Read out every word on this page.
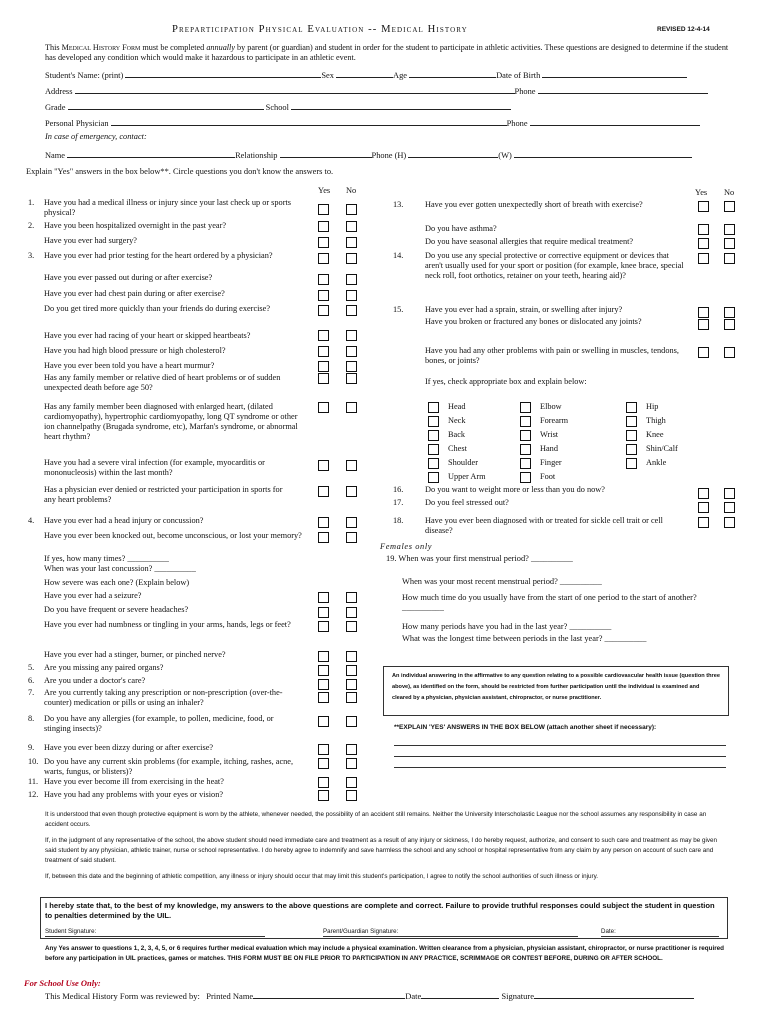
Preparticipation Physical Evaluation -- Medical History	REVISED 12-4-14
This Medical History Form must be completed annually by parent (or guardian) and student in order for the student to participate in athletic activities. These questions are designed to determine if the student has developed any condition which would make it hazardous to participate in an athletic event.
Student's Name: (print)	Sex	Age	Date of Birth
Address	Phone
Grade	School
Personal Physician	Phone
In case of emergency, contact:
Name	Relationship	Phone (H)	(W)
Explain "Yes" answers in the box below**. Circle questions you don't know the answers to.
Yes No	Yes No
1. Have you had a medical illness or injury since your last check up or sports physical?
2. Have you been hospitalized overnight in the past year?
Have you ever had surgery?
3. Have you ever had prior testing for the heart ordered by a physician?
Have you ever passed out during or after exercise?
Have you ever had chest pain during or after exercise?
Do you get tired more quickly than your friends do during exercise?
Have you ever had racing of your heart or skipped heartbeats?
Have you had high blood pressure or high cholesterol?
Have you ever been told you have a heart murmur?
Has any family member or relative died of heart problems or of sudden unexpected death before age 50?
Has any family member been diagnosed with enlarged heart, (dilated cardiomyopathy), hypertrophic cardiomyopathy, long QT syndrome or other ion channelpathy (Brugada syndrome, etc), Marfan's syndrome, or abnormal heart rhythm?
Have you had a severe viral infection (for example, myocarditis or mononucleosis) within the last month?
Has a physician ever denied or restricted your participation in sports for any heart problems?
4. Have you ever had a head injury or concussion?
Have you ever been knocked out, become unconscious, or lost your memory?
If yes, how many times? __________
When was your last concussion? __________
How severe was each one? (Explain below)
Have you ever had a seizure?
Do you have frequent or severe headaches?
Have you ever had numbness or tingling in your arms, hands, legs or feet?
Have you ever had a stinger, burner, or pinched nerve?
5. Are you missing any paired organs?
6. Are you under a doctor's care?
7. Are you currently taking any prescription or non-prescription (over-the-counter) medication or pills or using an inhaler?
8. Do you have any allergies (for example, to pollen, medicine, food, or stinging insects)?
9. Have you ever been dizzy during or after exercise?
10. Do you have any current skin problems (for example, itching, rashes, acne, warts, fungus, or blisters)?
11. Have you ever become ill from exercising in the heat?
12. Have you had any problems with your eyes or vision?
13.	Have you ever gotten unexpectedly short of breath with exercise?
Do you have asthma?
Do you have seasonal allergies that require medical treatment?
14.	Do you use any special protective or corrective equipment or devices that aren't usually used for your sport or position (for example, knee brace, special neck roll, foot orthotics, retainer on your teeth, hearing aid)?
15.	Have you ever had a sprain, strain, or swelling after injury?
Have you broken or fractured any bones or dislocated any joints?
Have you had any other problems with pain or swelling in muscles, tendons, bones, or joints?
If yes, check appropriate box and explain below:
16.	Do you want to weight more or less than you do now?
17.	Do you feel stressed out?
18.	Have you ever been diagnosed with or treated for sickle cell trait or cell disease?
Head	Elbow	Hip
Neck	Forearm	Thigh
Back	Wrist	Knee
Chest	Hand	Shin/Calf
Shoulder	Finger	Ankle
Upper Arm	Foot
Females only
19. When was your first menstrual period? __________
When was your most recent menstrual period? __________
How much time do you usually have from the start of one period to the start of another? __________
How many periods have you had in the last year? __________
What was the longest time between periods in the last year? __________
An individual answering in the affirmative to any question relating to a possible cardiovascular health issue (question three above), as identified on the form, should be restricted from further participation until the individual is examined and cleared by a physician, physician assistant, chiropractor, or nurse practitioner.
**EXPLAIN 'YES' ANSWERS IN THE BOX BELOW (attach another sheet if necessary):
It is understood that even though protective equipment is worn by the athlete, whenever needed, the possibility of an accident still remains. Neither the University Interscholastic League nor the school assumes any responsibility in case an accident occurs.
If, in the judgment of any representative of the school, the above student should need immediate care and treatment as a result of any injury or sickness, I do hereby request, authorize, and consent to such care and treatment as may be given said student by any physician, athletic trainer, nurse or school representative. I do hereby agree to indemnify and save harmless the school and any school or hospital representative from any claim by any person on account of such care and treatment of said student.
If, between this date and the beginning of athletic competition, any illness or injury should occur that may limit this student's participation, I agree to notify the school authorities of such illness or injury.
I hereby state that, to the best of my knowledge, my answers to the above questions are complete and correct. Failure to provide truthful responses could subject the student in question to penalties determined by the UIL.
Student Signature:	Parent/Guardian Signature:	Date:
Any Yes answer to questions 1, 2, 3, 4, 5, or 6 requires further medical evaluation which may include a physical examination. Written clearance from a physician, physician assistant, chiropractor, or nurse practitioner is required before any participation in UIL practices, games or matches. THIS FORM MUST BE ON FILE PRIOR TO PARTICIPATION IN ANY PRACTICE, SCRIMMAGE OR CONTEST BEFORE, DURING OR AFTER SCHOOL.
For School Use Only:
This Medical History Form was reviewed by: Printed Name	Date	Signature
